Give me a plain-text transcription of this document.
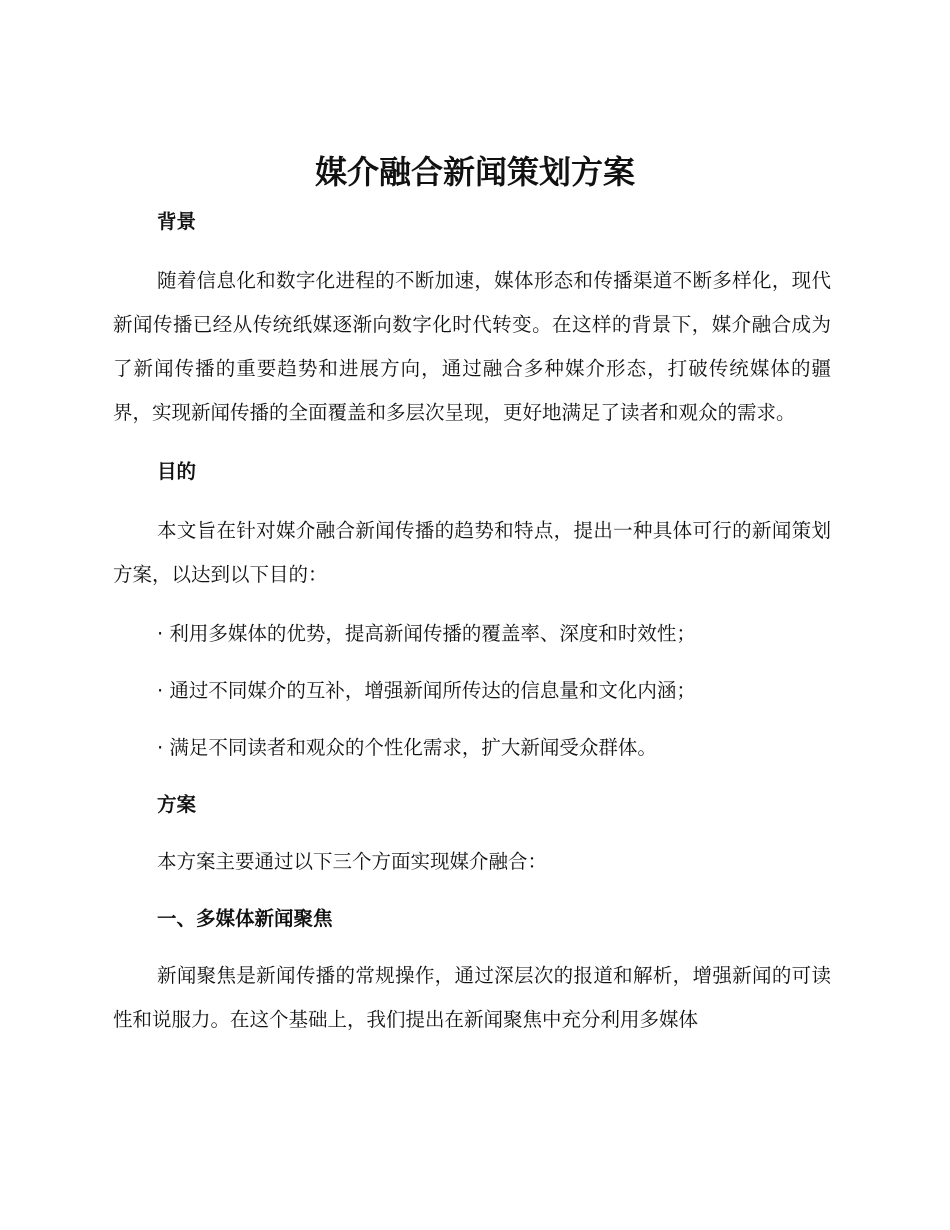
媒介融合新闻策划方案

背景

随着信息化和数字化进程的不断加速，媒体形态和传播渠道不断多样化，现代新闻传播已经从传统纸媒逐渐向数字化时代转变。在这样的背景下，媒介融合成为了新闻传播的重要趋势和进展方向，通过融合多种媒介形态，打破传统媒体的疆界，实现新闻传播的全面覆盖和多层次呈现，更好地满足了读者和观众的需求。

目的

本文旨在针对媒介融合新闻传播的趋势和特点，提出一种具体可行的新闻策划方案，以达到以下目的：

· 利用多媒体的优势，提高新闻传播的覆盖率、深度和时效性；

· 通过不同媒介的互补，增强新闻所传达的信息量和文化内涵；

· 满足不同读者和观众的个性化需求，扩大新闻受众群体。

方案

本方案主要通过以下三个方面实现媒介融合：

一、多媒体新闻聚焦

新闻聚焦是新闻传播的常规操作，通过深层次的报道和解析，增强新闻的可读性和说服力。在这个基础上，我们提出在新闻聚焦中充分利用多媒体
